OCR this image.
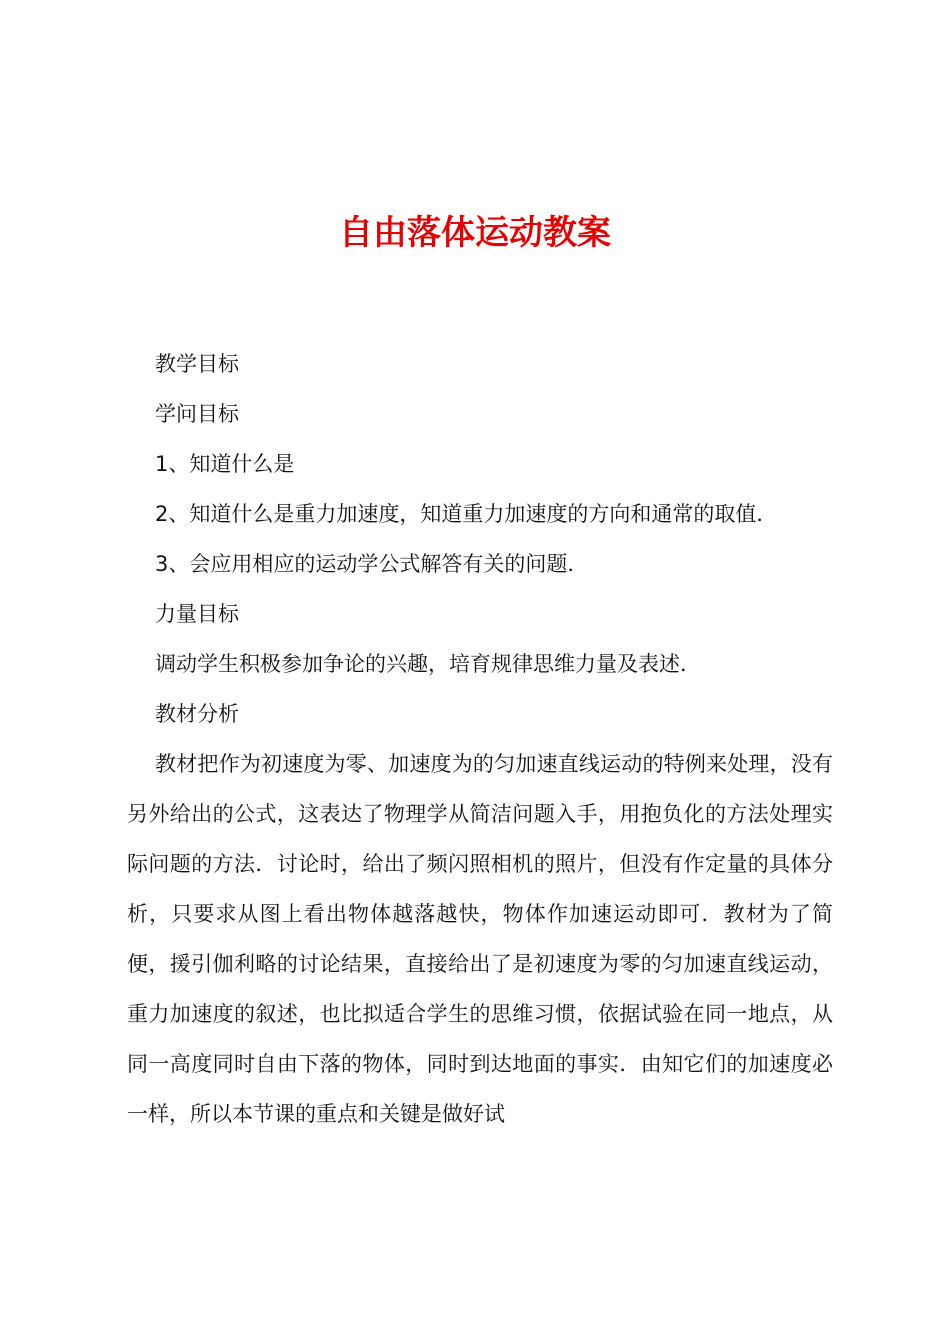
自由落体运动教案

教学目标

学问目标

1、知道什么是

2、知道什么是重力加速度，知道重力加速度的方向和通常的取值．

3、会应用相应的运动学公式解答有关的问题．

力量目标

调动学生积极参加争论的兴趣，培育规律思维力量及表述．

教材分析

教材把作为初速度为零、加速度为的匀加速直线运动的特例来处理，没有另外给出的公式，这表达了物理学从简洁问题入手，用抱负化的方法处理实际问题的方法．讨论时，给出了频闪照相机的照片，但没有作定量的具体分析，只要求从图上看出物体越落越快，物体作加速运动即可．教材为了简便，援引伽利略的讨论结果，直接给出了是初速度为零的匀加速直线运动，重力加速度的叙述，也比拟适合学生的思维习惯，依据试验在同一地点，从同一高度同时自由下落的物体，同时到达地面的事实．由知它们的加速度必一样，所以本节课的重点和关键是做好试
